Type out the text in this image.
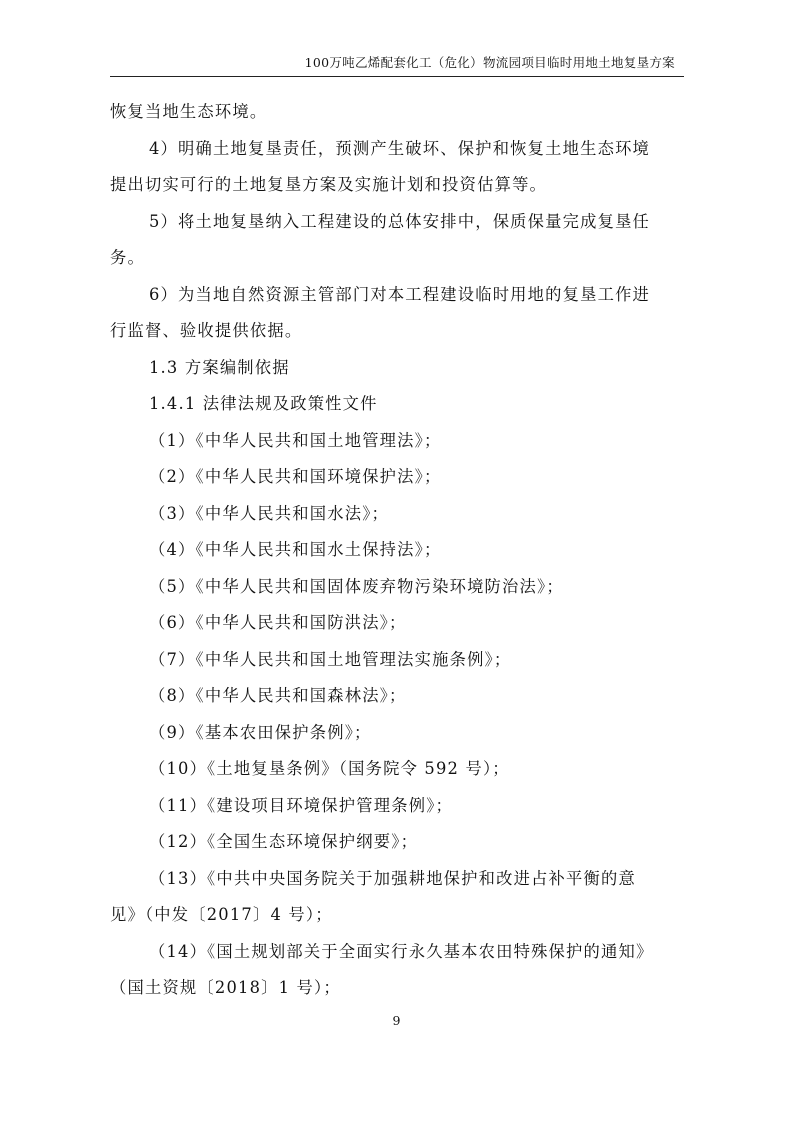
100万吨乙烯配套化工（危化）物流园项目临时用地土地复垦方案

恢复当地生态环境。

4）明确土地复垦责任，预测产生破坏、保护和恢复土地生态环境

提出切实可行的土地复垦方案及实施计划和投资估算等。

5）将土地复垦纳入工程建设的总体安排中，保质保量完成复垦任

务。

6）为当地自然资源主管部门对本工程建设临时用地的复垦工作进

行监督、验收提供依据。

1.3 方案编制依据

1.4.1 法律法规及政策性文件

（1）《中华人民共和国土地管理法》；

（2）《中华人民共和国环境保护法》；

（3）《中华人民共和国水法》；

（4）《中华人民共和国水土保持法》；

（5）《中华人民共和国固体废弃物污染环境防治法》；

（6）《中华人民共和国防洪法》；

（7）《中华人民共和国土地管理法实施条例》；

（8）《中华人民共和国森林法》；

（9）《基本农田保护条例》；

（10）《土地复垦条例》（国务院令 592 号）；

（11）《建设项目环境保护管理条例》；

（12）《全国生态环境保护纲要》；

（13）《中共中央国务院关于加强耕地保护和改进占补平衡的意

见》（中发〔2017〕4 号）；

（14）《国土规划部关于全面实行永久基本农田特殊保护的通知》

（国土资规〔2018〕1 号）；

9
